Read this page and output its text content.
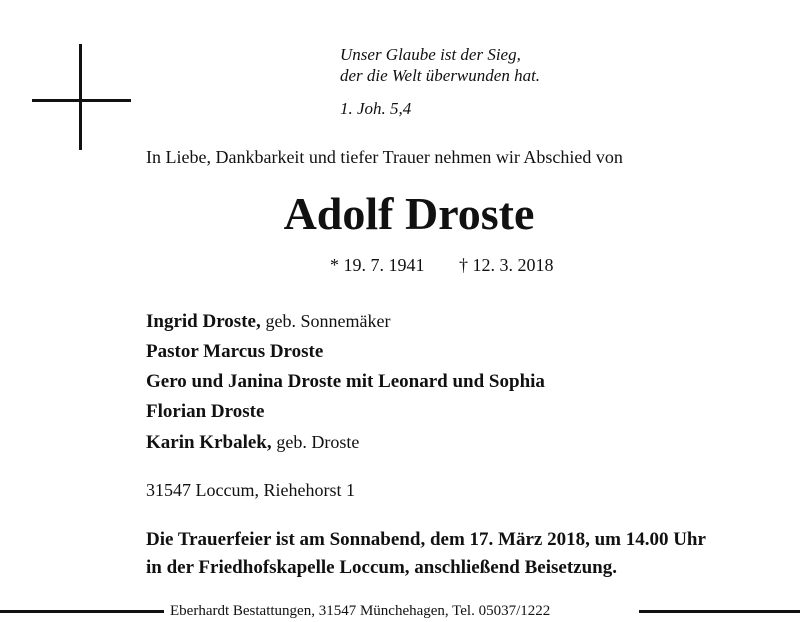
Unser Glaube ist der Sieg,
der die Welt überwunden hat.
1. Joh. 5,4
In Liebe, Dankbarkeit und tiefer Trauer nehmen wir Abschied von
Adolf Droste
* 19. 7. 1941 † 12. 3. 2018
Ingrid Droste, geb. Sonnemäker
Pastor Marcus Droste
Gero und Janina Droste mit Leonard und Sophia
Florian Droste
Karin Krbalek, geb. Droste
31547 Loccum, Riehehorst 1
Die Trauerfeier ist am Sonnabend, dem 17. März 2018, um 14.00 Uhr
in der Friedhofskapelle Loccum, anschließend Beisetzung.
Eberhardt Bestattungen, 31547 Münchehagen, Tel. 05037/1222
